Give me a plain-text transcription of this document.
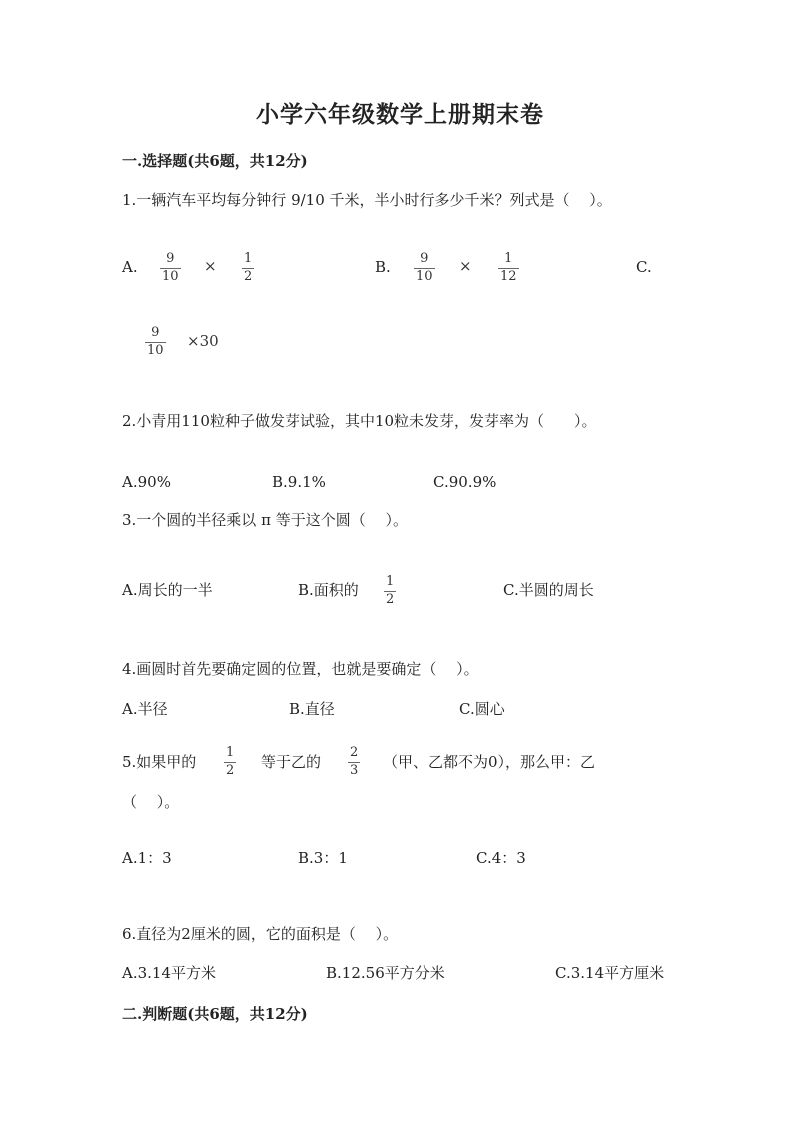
小学六年级数学上册期末卷
一.选择题(共6题，共12分)
1.一辆汽车平均每分钟行 9/10 千米，半小时行多少千米？列式是（　 ）。
A. 9
10
× 1
2
B. 9
10
×	1
12
C.
9
10
×30
2.小青用110粒种子做发芽试验，其中10粒未发芽，发芽率为（　　）。
A.90%	B.9.1%	C.90.9%
3.一个圆的半径乘以 π 等于这个圆（　 ）。
A.周长的一半	B.面积的 1
2
C.半圆的周长
4.画圆时首先要确定圆的位置，也就是要确定（　 ）。
A.半径	B.直径	C.圆心
5.如果甲的
1
2 等于乙的
2
3 （甲、乙都不为0），那么甲：乙
（　 ）。
A.1：3	B.3：1	C.4：3
6.直径为2厘米的圆，它的面积是（　 ）。
A.3.14平方米	B.12.56平方分米	C.3.14平方厘米
二.判断题(共6题，共12分)
